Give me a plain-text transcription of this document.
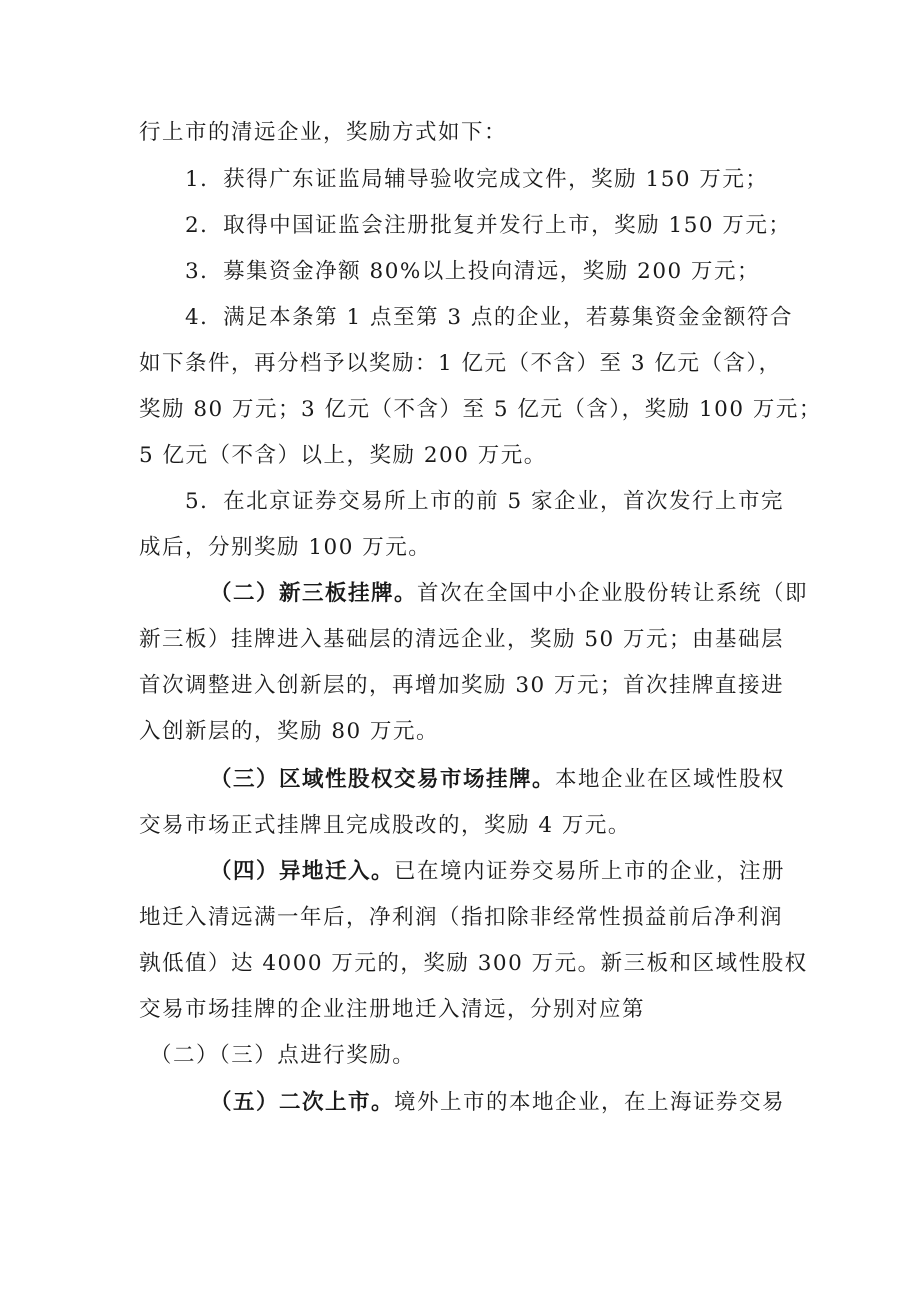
行上市的清远企业，奖励方式如下：
1．获得广东证监局辅导验收完成文件，奖励 150 万元；
2．取得中国证监会注册批复并发行上市，奖励 150 万元；
3．募集资金净额 80%以上投向清远，奖励 200 万元；
4．满足本条第 1 点至第 3 点的企业，若募集资金金额符合
如下条件，再分档予以奖励：1 亿元（不含）至 3 亿元（含），
奖励 80 万元；3 亿元（不含）至 5 亿元（含），奖励 100 万元；
5 亿元（不含）以上，奖励 200 万元。
5．在北京证券交易所上市的前 5 家企业，首次发行上市完
成后，分别奖励 100 万元。
（二）新三板挂牌。首次在全国中小企业股份转让系统（即
新三板）挂牌进入基础层的清远企业，奖励 50 万元；由基础层
首次调整进入创新层的，再增加奖励 30 万元；首次挂牌直接进
入创新层的，奖励 80 万元。
（三）区域性股权交易市场挂牌。本地企业在区域性股权
交易市场正式挂牌且完成股改的，奖励 4 万元。
（四）异地迁入。已在境内证券交易所上市的企业，注册
地迁入清远满一年后，净利润（指扣除非经常性损益前后净利润
孰低值）达 4000 万元的，奖励 300 万元。新三板和区域性股权
交易市场挂牌的企业注册地迁入清远，分别对应第
（二）（三）点进行奖励。
（五）二次上市。境外上市的本地企业，在上海证券交易
